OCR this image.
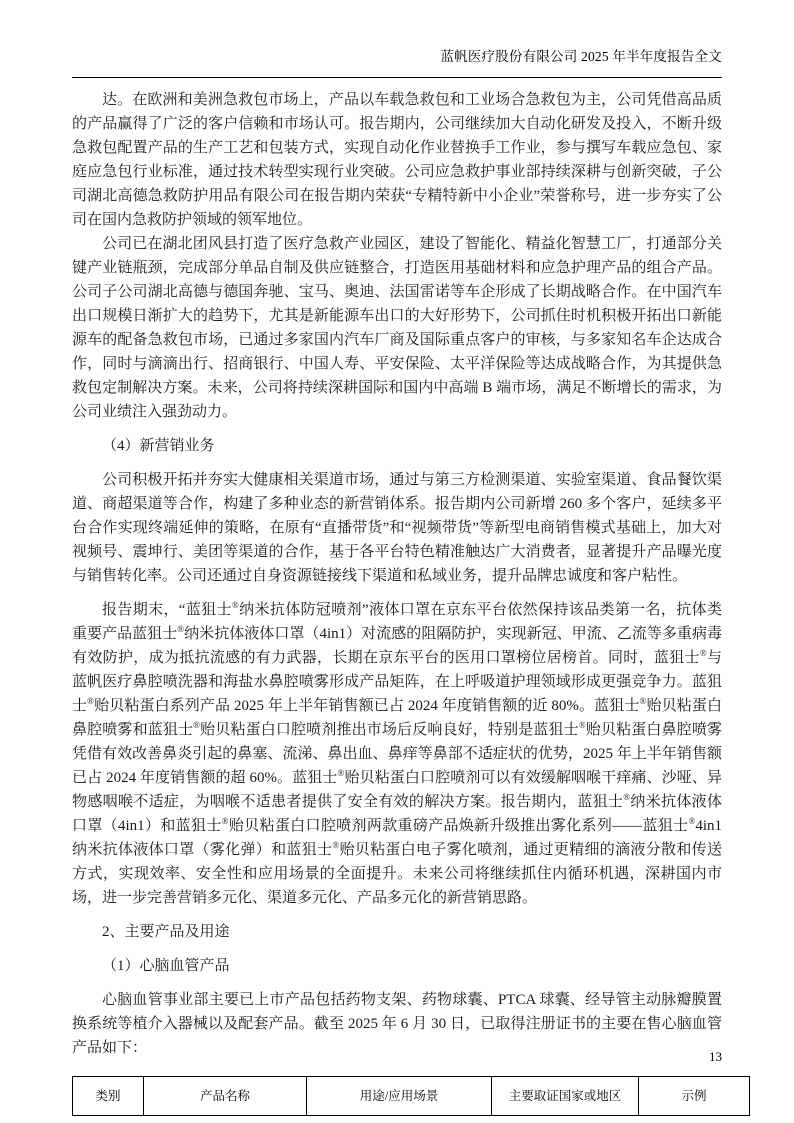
蓝帆医疗股份有限公司 2025 年半年度报告全文

达。在欧洲和美洲急救包市场上，产品以车载急救包和工业场合急救包为主，公司凭借高品质的产品赢得了广泛的客户信赖和市场认可。报告期内，公司继续加大自动化研发及投入，不断升级急救包配置产品的生产工艺和包装方式，实现自动化作业替换手工作业，参与撰写车载应急包、家庭应急包行业标准，通过技术转型实现行业突破。公司应急救护事业部持续深耕与创新突破，子公司湖北高德急救防护用品有限公司在报告期内荣获“专精特新中小企业”荣誉称号，进一步夯实了公司在国内急救防护领域的领军地位。

公司已在湖北团风县打造了医疗急救产业园区，建设了智能化、精益化智慧工厂，打通部分关键产业链瓶颈，完成部分单品自制及供应链整合，打造医用基础材料和应急护理产品的组合产品。公司子公司湖北高德与德国奔驰、宝马、奥迪、法国雷诺等车企形成了长期战略合作。在中国汽车出口规模日渐扩大的趋势下，尤其是新能源车出口的大好形势下，公司抓住时机积极开拓出口新能源车的配备急救包市场，已通过多家国内汽车厂商及国际重点客户的审核，与多家知名车企达成合作，同时与滴滴出行、招商银行、中国人寿、平安保险、太平洋保险等达成战略合作，为其提供急救包定制解决方案。未来，公司将持续深耕国际和国内中高端 B 端市场，满足不断增长的需求，为公司业绩注入强劲动力。

（4）新营销业务

公司积极开拓并夯实大健康相关渠道市场，通过与第三方检测渠道、实验室渠道、食品餐饮渠道、商超渠道等合作，构建了多种业态的新营销体系。报告期内公司新增 260 多个客户，延续多平台合作实现终端延伸的策略，在原有“直播带货”和“视频带货”等新型电商销售模式基础上，加大对视频号、震坤行、美团等渠道的合作，基于各平台特色精准触达广大消费者，显著提升产品曝光度与销售转化率。公司还通过自身资源链接线下渠道和私域业务，提升品牌忠诚度和客户粘性。

报告期末，“蓝狙士®纳米抗体防冠喷剂”液体口罩在京东平台依然保持该品类第一名，抗体类重要产品蓝狙士®纳米抗体液体口罩（4in1）对流感的阻隔防护，实现新冠、甲流、乙流等多重病毒有效防护，成为抵抗流感的有力武器，长期在京东平台的医用口罩榜位居榜首。同时，蓝狙士®与蓝帆医疗鼻腔喷洗器和海盐水鼻腔喷雾形成产品矩阵，在上呼吸道护理领域形成更强竞争力。蓝狙士®贻贝粘蛋白系列产品 2025 年上半年销售额已占 2024 年度销售额的近 80%。蓝狙士®贻贝粘蛋白鼻腔喷雾和蓝狙士®贻贝粘蛋白口腔喷剂推出市场后反响良好，特别是蓝狙士®贻贝粘蛋白鼻腔喷雾凭借有效改善鼻炎引起的鼻塞、流涕、鼻出血、鼻痒等鼻部不适症状的优势，2025 年上半年销售额已占 2024 年度销售额的超 60%。蓝狙士®贻贝粘蛋白口腔喷剂可以有效缓解咽喉干痒痛、沙哑、异物感咽喉不适症，为咽喉不适患者提供了安全有效的解决方案。报告期内，蓝狙士®纳米抗体液体口罩（4in1）和蓝狙士®贻贝粘蛋白口腔喷剂两款重磅产品焕新升级推出雾化系列——蓝狙士®4in1 纳米抗体液体口罩（雾化弹）和蓝狙士®贻贝粘蛋白电子雾化喷剂，通过更精细的滴液分散和传送方式，实现效率、安全性和应用场景的全面提升。未来公司将继续抓住内循环机遇，深耕国内市场，进一步完善营销多元化、渠道多元化、产品多元化的新营销思路。

2、主要产品及用途

（1）心脑血管产品

心脑血管事业部主要已上市产品包括药物支架、药物球囊、PTCA 球囊、经导管主动脉瓣膜置换系统等植介入器械以及配套产品。截至 2025 年 6 月 30 日，已取得注册证书的主要在售心脑血管产品如下：

类别	产品名称	用途/应用场景	主要取证国家或地区	示例
13
